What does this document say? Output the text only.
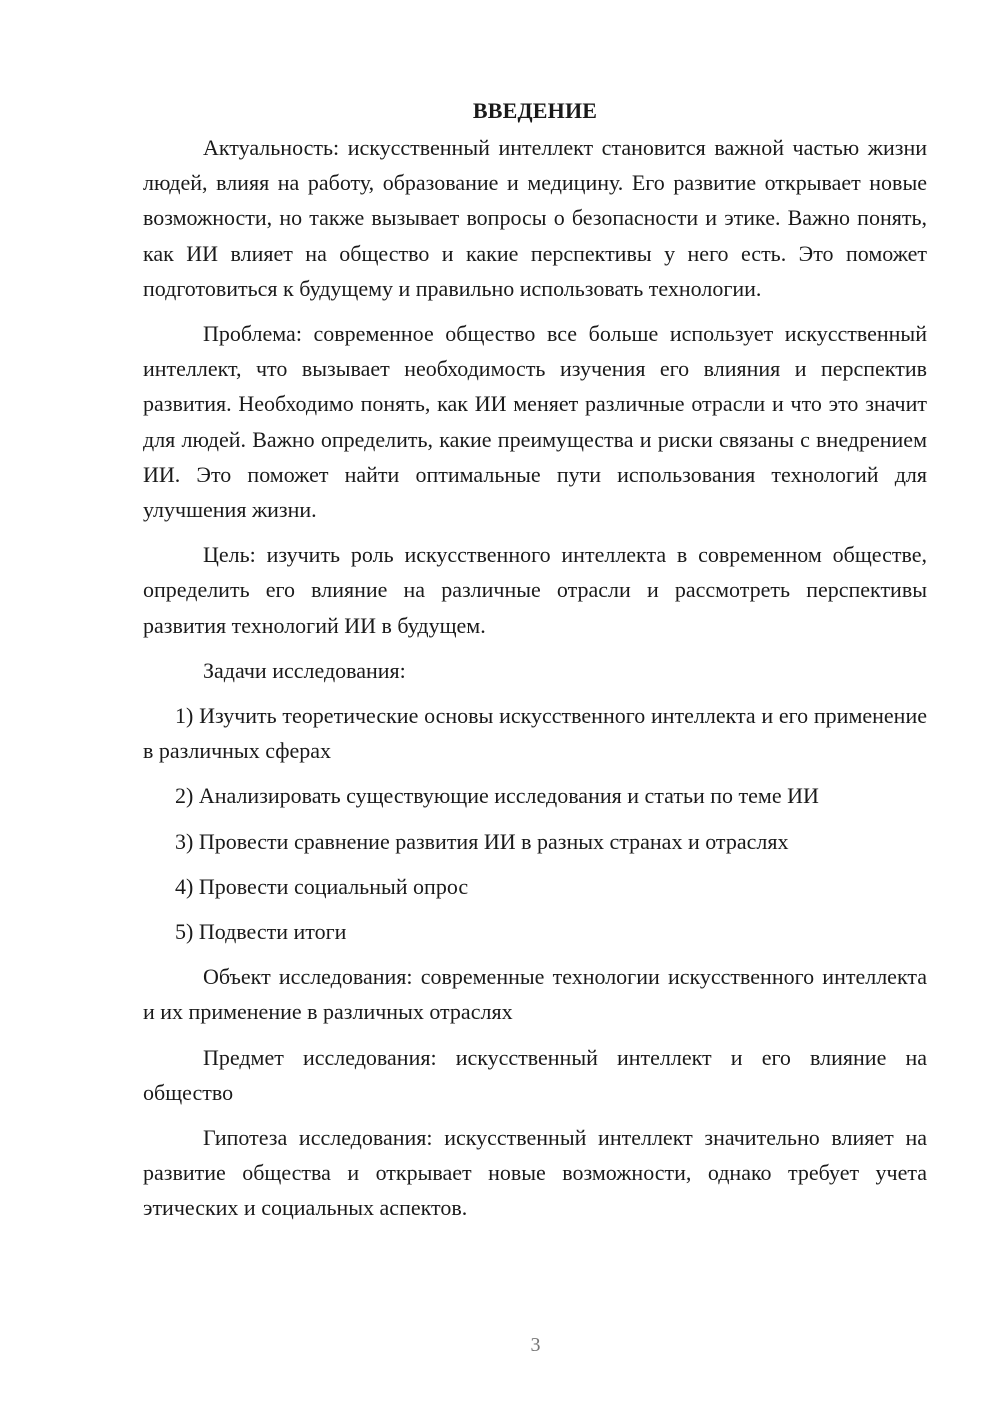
ВВЕДЕНИЕ

Актуальность: искусственный интеллект становится важной частью жизни людей, влияя на работу, образование и медицину. Его развитие открывает новые возможности, но также вызывает вопросы о безопасности и этике. Важно понять, как ИИ влияет на общество и какие перспективы у него есть. Это поможет подготовиться к будущему и правильно использовать технологии.

Проблема: современное общество все больше использует искусственный интеллект, что вызывает необходимость изучения его влияния и перспектив развития. Необходимо понять, как ИИ меняет различные отрасли и что это значит для людей. Важно определить, какие преимущества и риски связаны с внедрением ИИ. Это поможет найти оптимальные пути использования технологий для улучшения жизни.

Цель: изучить роль искусственного интеллекта в современном обществе, определить его влияние на различные отрасли и рассмотреть перспективы развития технологий ИИ в будущем.

Задачи исследования:

1) Изучить теоретические основы искусственного интеллекта и его применение в различных сферах
2) Анализировать существующие исследования и статьи по теме ИИ
3) Провести сравнение развития ИИ в разных странах и отраслях
4) Провести социальный опрос
5) Подвести итоги

Объект исследования: современные технологии искусственного интеллекта и их применение в различных отраслях

Предмет исследования: искусственный интеллект и его влияние на общество

Гипотеза исследования: искусственный интеллект значительно влияет на развитие общества и открывает новые возможности, однако требует учета этических и социальных аспектов.

3
